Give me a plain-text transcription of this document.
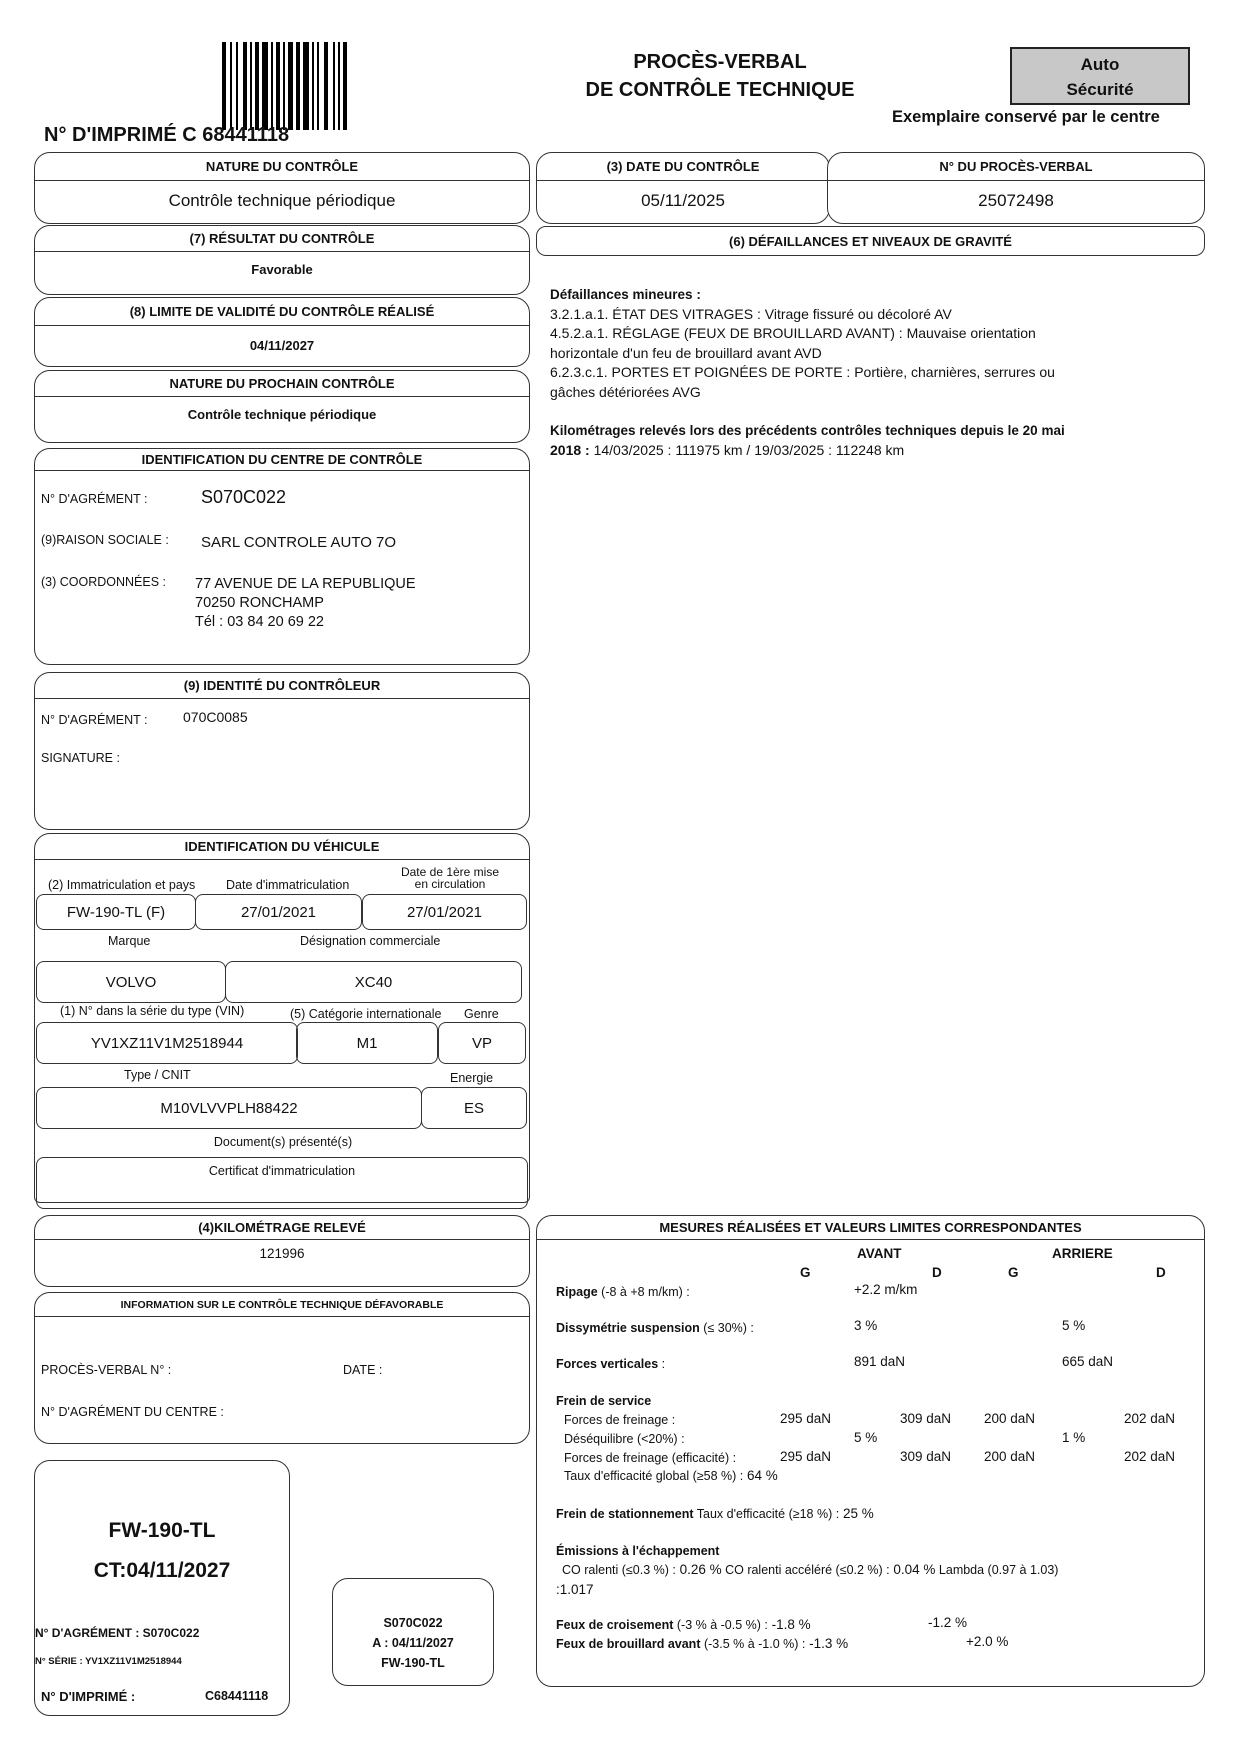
N° D'IMPRIMÉ C 68441118
PROCÈS-VERBAL
DE CONTRÔLE TECHNIQUE
Auto
Sécurité
Exemplaire conservé par le centre
NATURE DU CONTRÔLE
Contrôle technique périodique
(7) RÉSULTAT DU CONTRÔLE
Favorable
(8) LIMITE DE VALIDITÉ DU CONTRÔLE RÉALISÉ
04/11/2027
NATURE DU PROCHAIN CONTRÔLE
Contrôle technique périodique
IDENTIFICATION DU CENTRE DE CONTRÔLE
N° D'AGRÉMENT :	S070C022
(9)RAISON SOCIALE : SARL CONTROLE AUTO 7O
(3) COORDONNÉES : 77 AVENUE DE LA REPUBLIQUE
70250 RONCHAMP
Tél : 03 84 20 69 22
(9) IDENTITÉ DU CONTRÔLEUR
N° D'AGRÉMENT :	070C0085
SIGNATURE :
IDENTIFICATION DU VÉHICULE
(2) Immatriculation et pays Date d'immatriculation
Date de 1ère mise
en circulation
FW-190-TL (F)	27/01/2021	27/01/2021
Marque	Désignation commerciale
VOLVO	XC40
(1) N° dans la série du type (VIN)	(5) Catégorie internationale Genre
YV1XZ11V1M2518944	M1	VP
Type / CNIT	Energie
M10VLVVPLH88422	ES
Document(s) présenté(s)
Certificat d'immatriculation
(4)KILOMÉTRAGE RELEVÉ
121996
INFORMATION SUR LE CONTRÔLE TECHNIQUE DÉFAVORABLE
PROCÈS-VERBAL N° :	DATE :
N° D'AGRÉMENT DU CENTRE :
FW-190-TL
CT:04/11/2027
N° D'AGRÉMENT : S070C022
N° SÉRIE : YV1XZ11V1M2518944
N° D'IMPRIMÉ :	C68441118
S070C022
A : 04/11/2027
FW-190-TL
(3) DATE DU CONTRÔLE
05/11/2025
N° DU PROCÈS-VERBAL
25072498
(6) DÉFAILLANCES ET NIVEAUX DE GRAVITÉ
Défaillances mineures :
3.2.1.a.1. ÉTAT DES VITRAGES : Vitrage fissuré ou décoloré AV
4.5.2.a.1. RÉGLAGE (FEUX DE BROUILLARD AVANT) : Mauvaise orientation
horizontale d'un feu de brouillard avant AVD
6.2.3.c.1. PORTES ET POIGNÉES DE PORTE : Portière, charnières, serrures ou
gâches détériorées AVG
Kilométrages relevés lors des précédents contrôles techniques depuis le 20 mai
2018 : 14/03/2025 : 111975 km / 19/03/2025 : 112248 km
MESURES RÉALISÉES ET VALEURS LIMITES CORRESPONDANTES
AVANT	ARRIERE
G	D	G	D
Ripage (-8 à +8 m/km) :	+2.2 m/km
Dissymétrie suspension (≤ 30%) :	3 %	5 %
Forces verticales :	891 daN	665 daN
Frein de service
Forces de freinage :	295 daN	309 daN 200 daN	202 daN
Déséquilibre (<20%) :	5 %	1 %
Forces de freinage (efficacité) :	295 daN	309 daN 200 daN	202 daN
Taux d'efficacité global (≥58 %) : 64 %
Frein de stationnement Taux d'efficacité (≥18 %) : 25 %
Émissions à l'échappement
CO ralenti (≤0.3 %) : 0.26 % CO ralenti accéléré (≤0.2 %) : 0.04 % Lambda (0.97 à 1.03)
:1.017
Feux de croisement (-3 % à -0.5 %) : -1.8 %	-1.2 %
Feux de brouillard avant (-3.5 % à -1.0 %) : -1.3 %	+2.0 %
